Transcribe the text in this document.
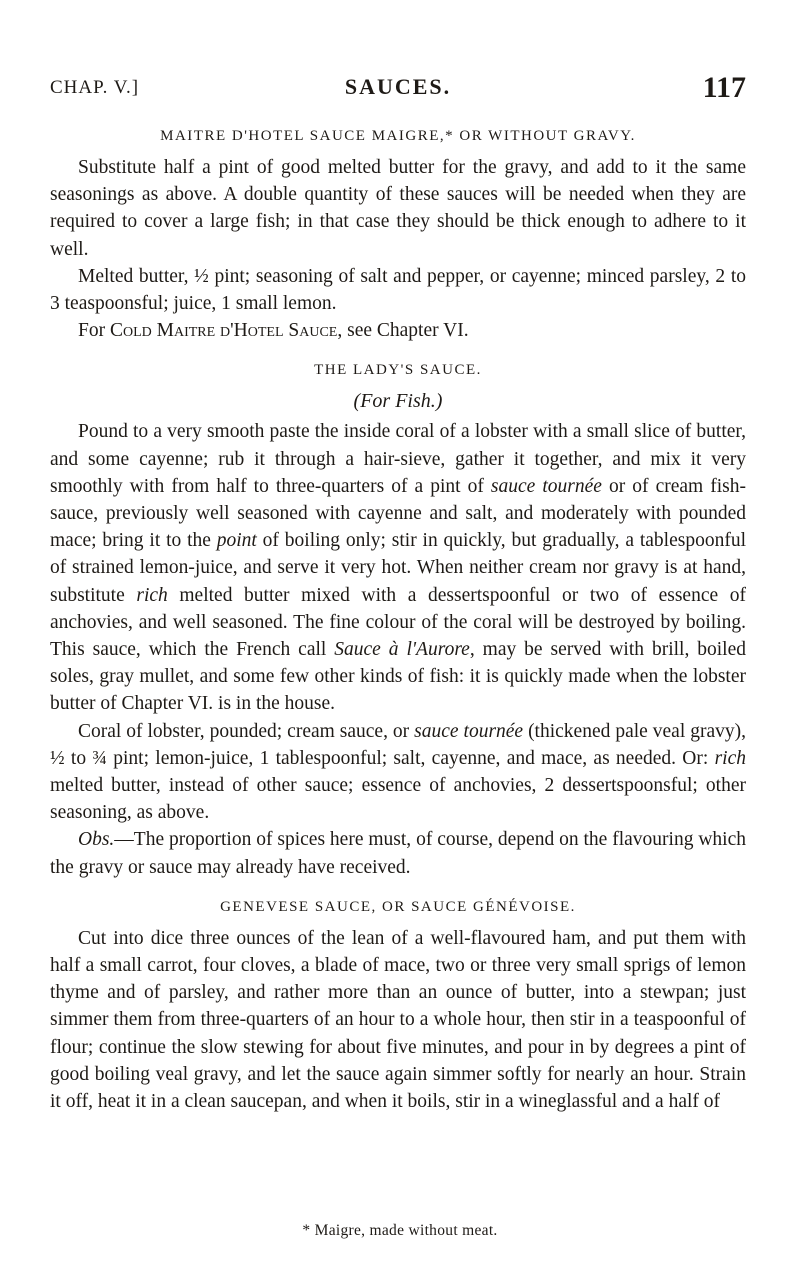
CHAP. V.]	SAUCES.	117
MAITRE D'HOTEL SAUCE MAIGRE,* OR WITHOUT GRAVY.

Substitute half a pint of good melted butter for the gravy, and add to it the same seasonings as above. A double quantity of these sauces will be needed when they are required to cover a large fish; in that case they should be thick enough to adhere to it well.

Melted butter, ½ pint; seasoning of salt and pepper, or cayenne; minced parsley, 2 to 3 teaspoonsful; juice, 1 small lemon.

For Cold Maitre d'Hotel Sauce, see Chapter VI.

THE LADY'S SAUCE.
(For Fish.)

Pound to a very smooth paste the inside coral of a lobster with a small slice of butter, and some cayenne; rub it through a hair-sieve, gather it together, and mix it very smoothly with from half to three-quarters of a pint of sauce tournée or of cream fish-sauce, previously well seasoned with cayenne and salt, and moderately with pounded mace; bring it to the point of boiling only; stir in quickly, but gradually, a tablespoonful of strained lemon-juice, and serve it very hot. When neither cream nor gravy is at hand, substitute rich melted butter mixed with a dessertspoonful or two of essence of anchovies, and well seasoned. The fine colour of the coral will be destroyed by boiling. This sauce, which the French call Sauce à l'Aurore, may be served with brill, boiled soles, gray mullet, and some few other kinds of fish: it is quickly made when the lobster butter of Chapter VI. is in the house.

Coral of lobster, pounded; cream sauce, or sauce tournée (thickened pale veal gravy), ½ to ¾ pint; lemon-juice, 1 tablespoonful; salt, cayenne, and mace, as needed. Or: rich melted butter, instead of other sauce; essence of anchovies, 2 dessertspoonsful; other seasoning, as above.

Obs.—The proportion of spices here must, of course, depend on the flavouring which the gravy or sauce may already have received.

GENEVESE SAUCE, OR SAUCE GÉNÉVOISE.

Cut into dice three ounces of the lean of a well-flavoured ham, and put them with half a small carrot, four cloves, a blade of mace, two or three very small sprigs of lemon thyme and of parsley, and rather more than an ounce of butter, into a stewpan; just simmer them from three-quarters of an hour to a whole hour, then stir in a teaspoonful of flour; continue the slow stewing for about five minutes, and pour in by degrees a pint of good boiling veal gravy, and let the sauce again simmer softly for nearly an hour. Strain it off, heat it in a clean saucepan, and when it boils, stir in a wineglassful and a half of

* Maigre, made without meat.
